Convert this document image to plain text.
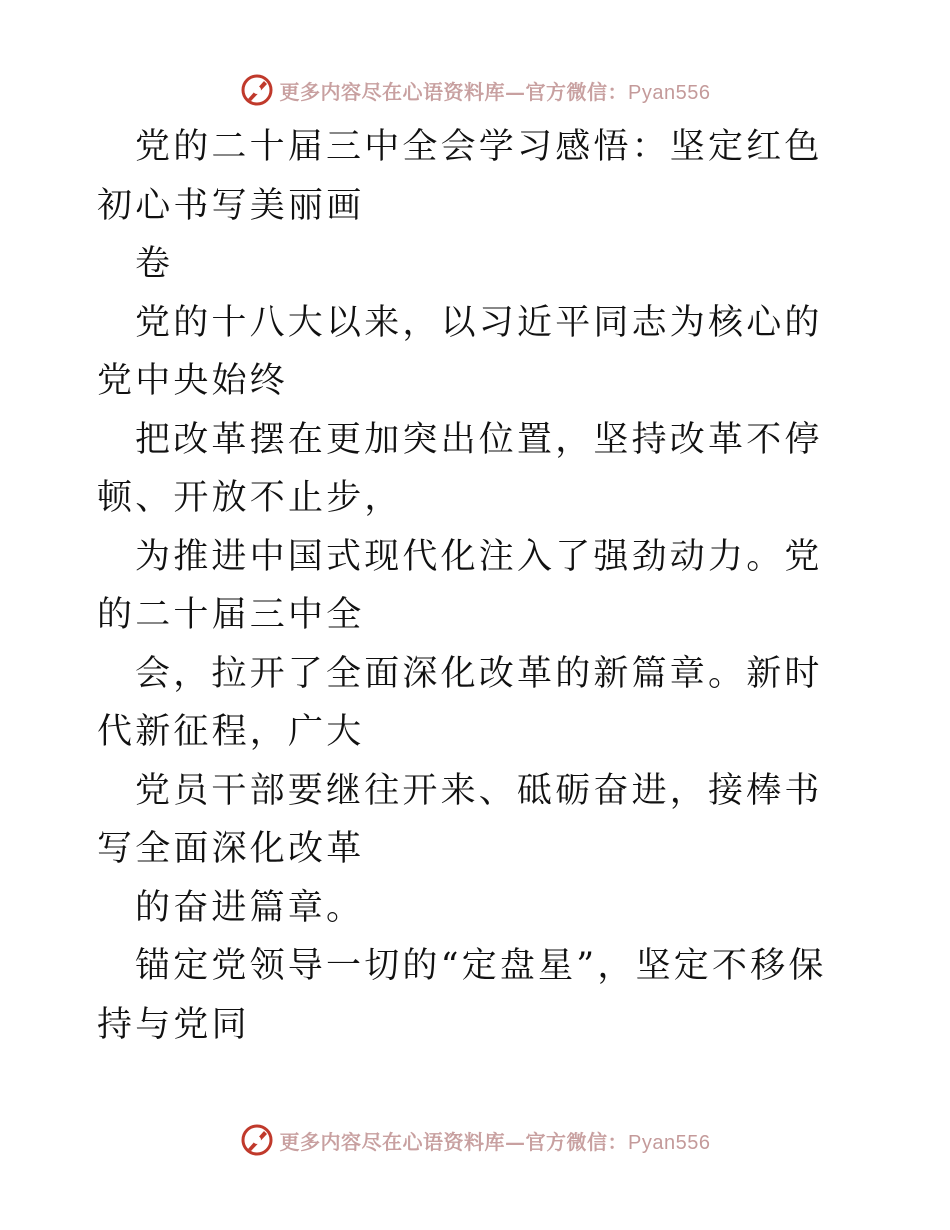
更多内容尽在心语资料库—官方微信：Pyan556

党的二十届三中全会学习感悟：坚定红色初心书写美丽画

卷

党的十八大以来，以习近平同志为核心的党中央始终

把改革摆在更加突出位置，坚持改革不停顿、开放不止步，

为推进中国式现代化注入了强劲动力。党的二十届三中全

会，拉开了全面深化改革的新篇章。新时代新征程，广大

党员干部要继往开来、砥砺奋进，接棒书写全面深化改革

的奋进篇章。

锚定党领导一切的“定盘星”，坚定不移保持与党同

更多内容尽在心语资料库—官方微信：Pyan556
